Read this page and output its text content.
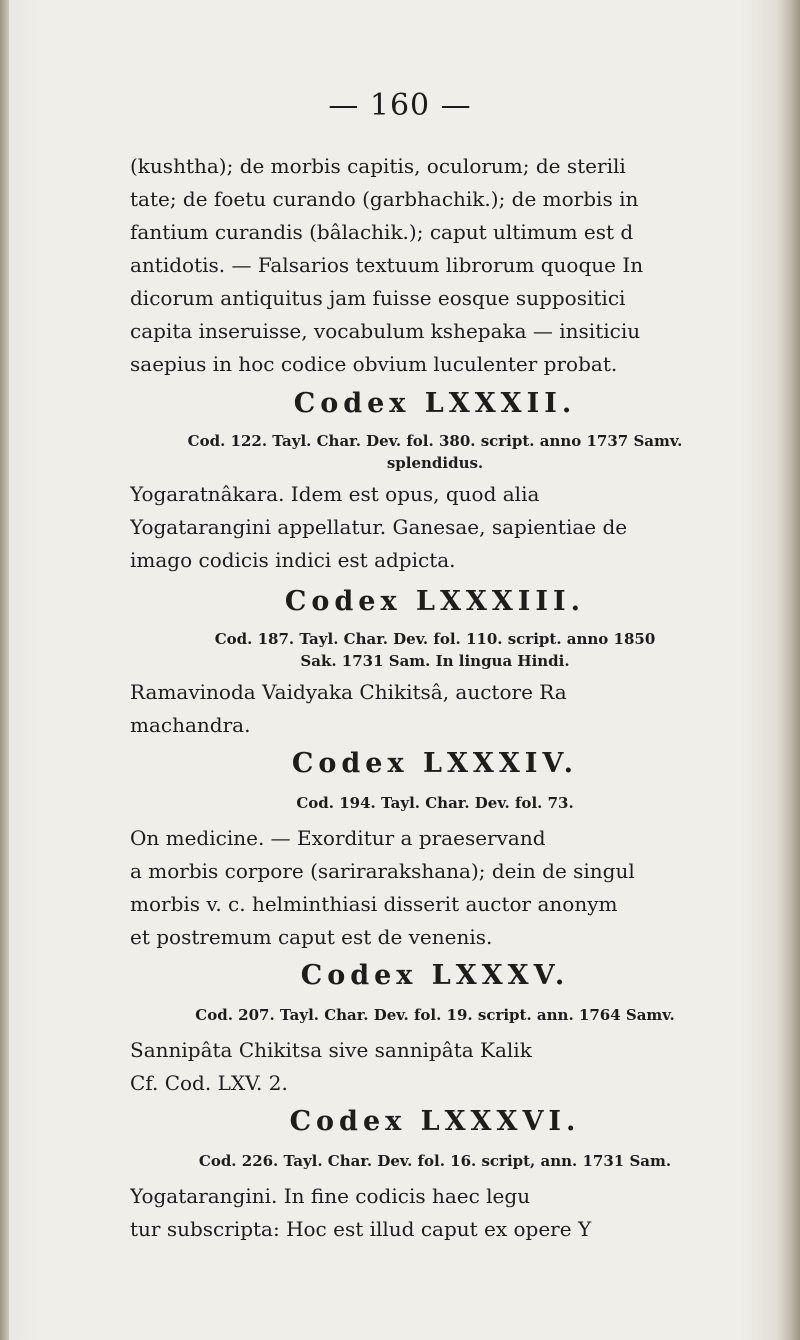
— 160 —
(kushtha); de morbis capitis, oculorum; de sterili
tate; de foetu curando (garbhachik.); de morbis in
fantium curandis (bâlachik.); caput ultimum est d
antidotis. — Falsarios textuum librorum quoque In
dicorum antiquitus jam fuisse eosque suppositici
capita inseruisse, vocabulum kshepaka — insiticiu
saepius in hoc codice obvium luculenter probat.
Codex LXXXII.
Cod. 122. Tayl. Char. Dev. fol. 380. script. anno 1737 Samv.
splendidus.
Yogaratnâkara. Idem est opus, quod alia
Yogatarangini appellatur. Ganesae, sapientiae de
imago codicis indici est adpicta.
Codex LXXXIII.
Cod. 187. Tayl. Char. Dev. fol. 110. script. anno 1850
Sak. 1731 Sam. In lingua Hindi.
Ramavinoda Vaidyaka Chikitsâ, auctore Ra
machandra.
Codex LXXXIV.
Cod. 194. Tayl. Char. Dev. fol. 73.
On medicine. — Exorditur a praeservand
a morbis corpore (sarirarakshana); dein de singul
morbis v. c. helminthiasi disserit auctor anonym
et postremum caput est de venenis.
Codex LXXXV.
Cod. 207. Tayl. Char. Dev. fol. 19. script. ann. 1764 Samv.
Sannipâta Chikitsa sive sannipâta Kalik
Cf. Cod. LXV. 2.
Codex LXXXVI.
Cod. 226. Tayl. Char. Dev. fol. 16. script, ann. 1731 Sam.
Yogatarangini. In fine codicis haec legu
tur subscripta: Hoc est illud caput ex opere Y
